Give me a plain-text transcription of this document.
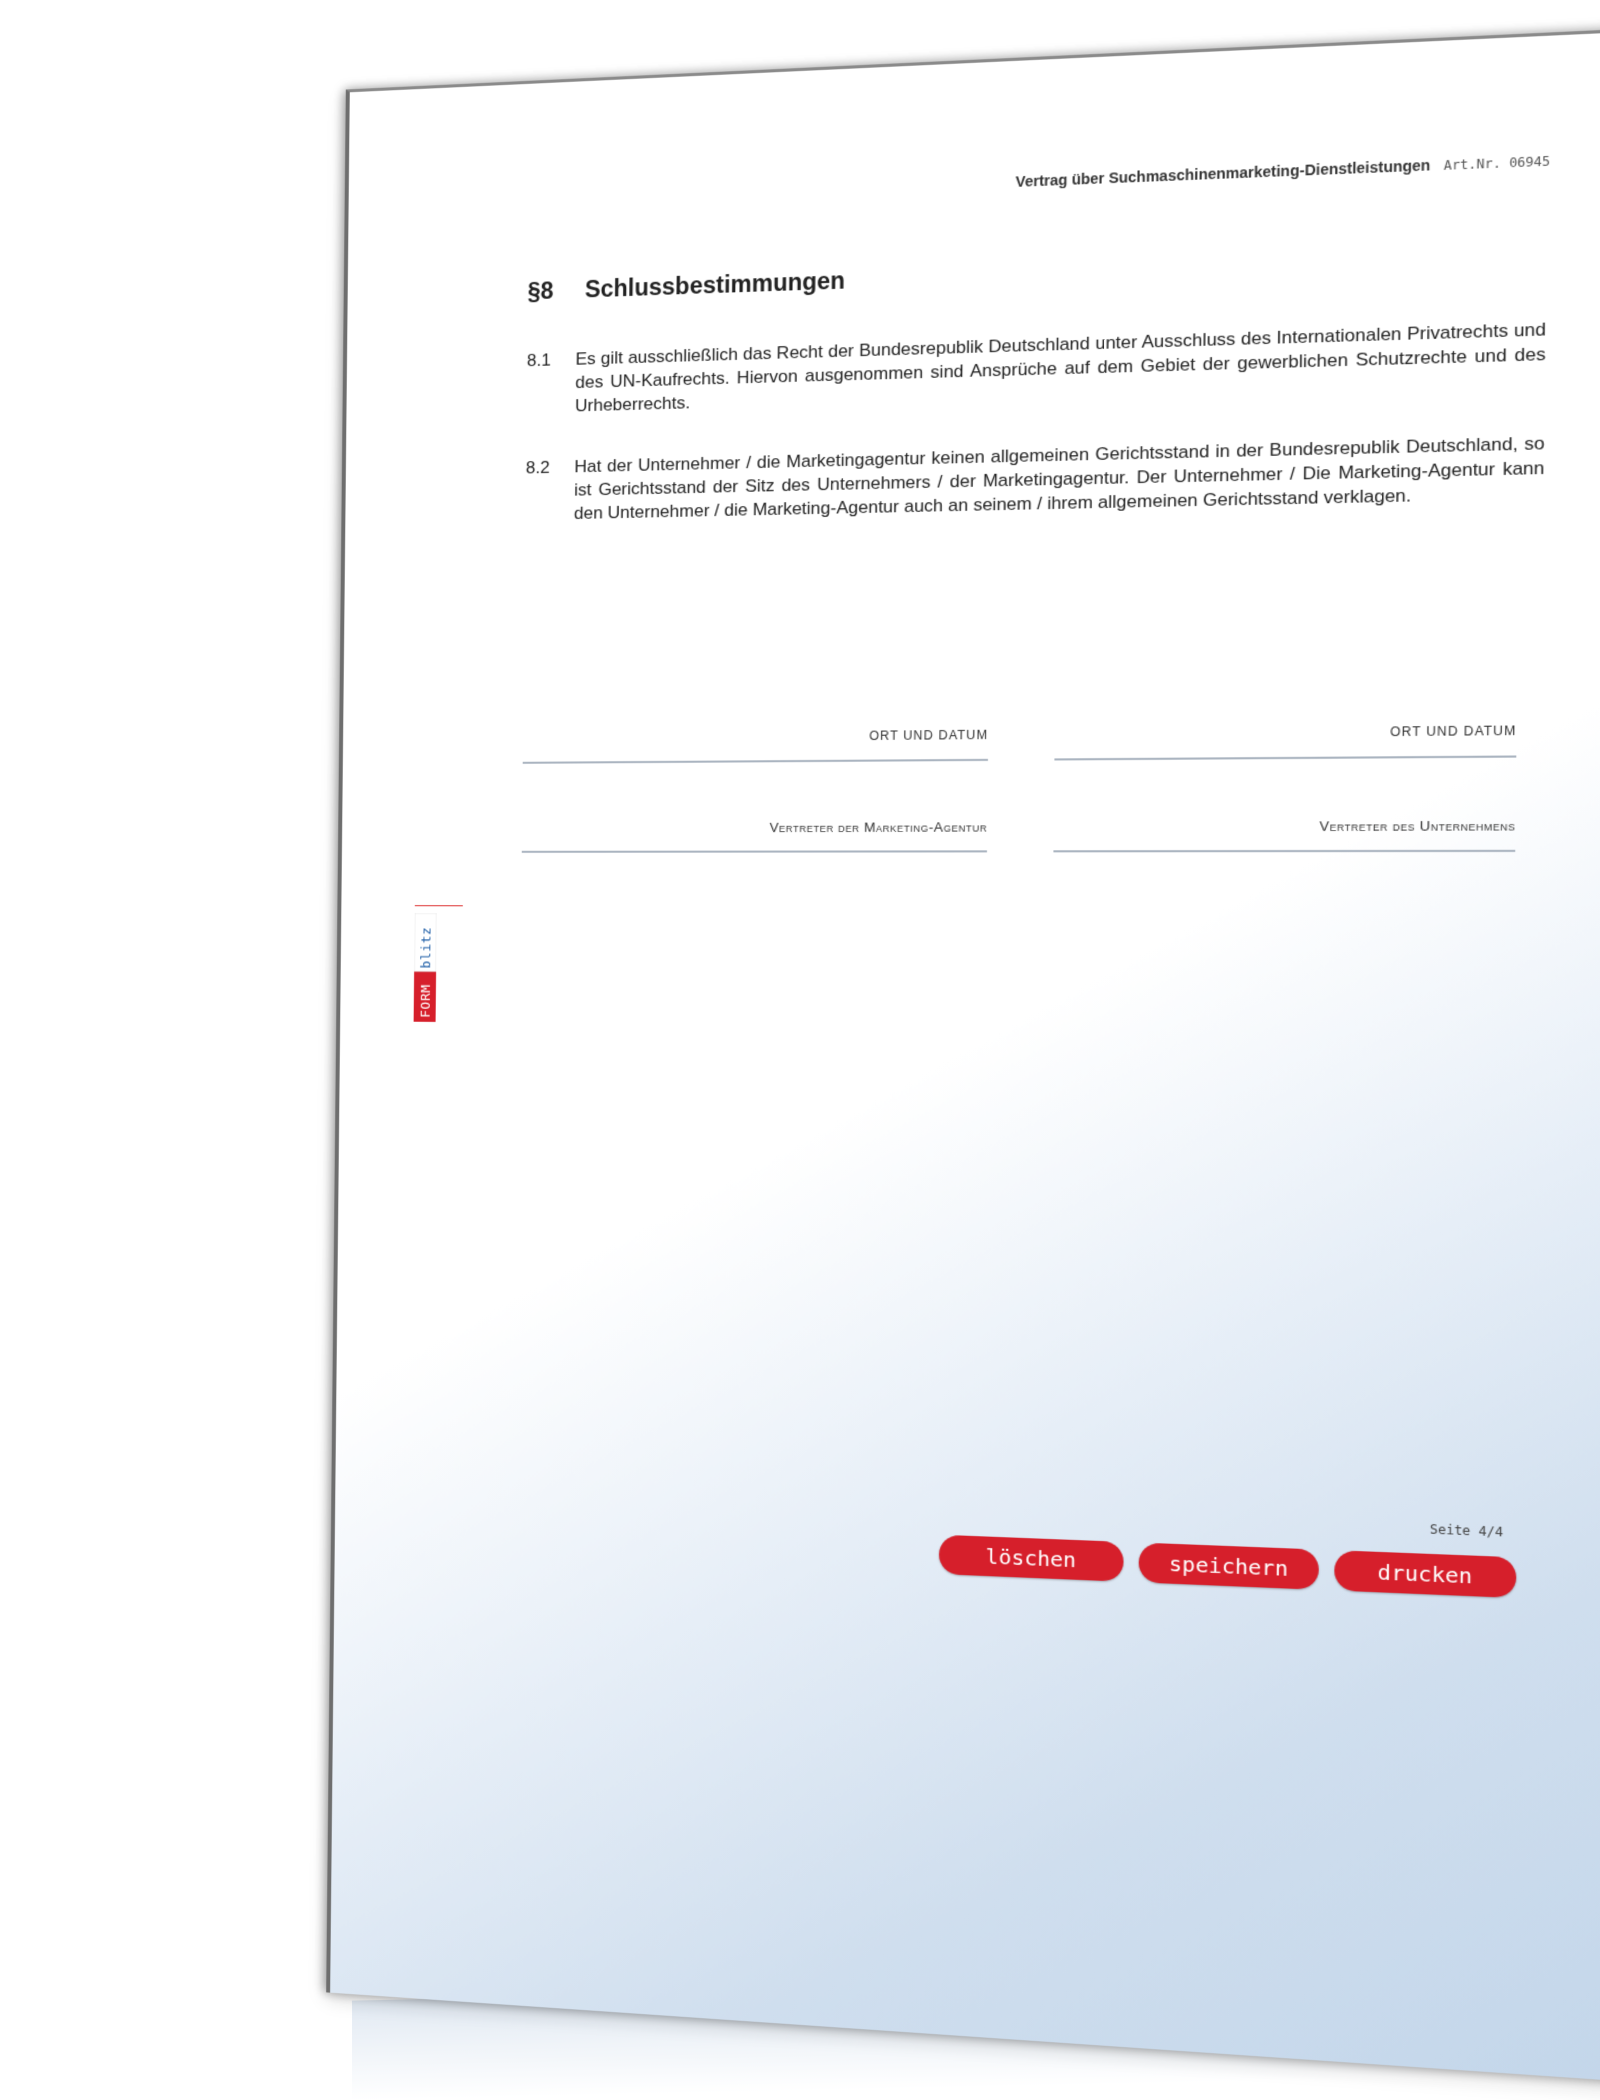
Vertrag über Suchmaschinenmarketing-Dienstleistungen Art.Nr. 06945
§8 Schlussbestimmungen
8.1 Es gilt ausschließlich das Recht der Bundesrepublik Deutschland unter Ausschluss des Internationalen Privatrechts und des UN-Kaufrechts. Hiervon ausgenommen sind Ansprüche auf dem Gebiet der gewerblichen Schutzrechte und des Urheberrechts.
8.2 Hat der Unternehmer / die Marketingagentur keinen allgemeinen Gerichtsstand in der Bundesrepublik Deutschland, so ist Gerichtsstand der Sitz des Unternehmers / der Marketingagentur. Der Unternehmer / Die Marketing-Agentur kann den Unternehmer / die Marketing-Agentur auch an seinem / ihrem allgemeinen Gerichtsstand verklagen.
ORT UND DATUM	ORT UND DATUM
Vertreter der Marketing-Agentur	Vertreter des Unternehmens
FORM
blitz
Seite 4/4
löschen	speichern	drucken
